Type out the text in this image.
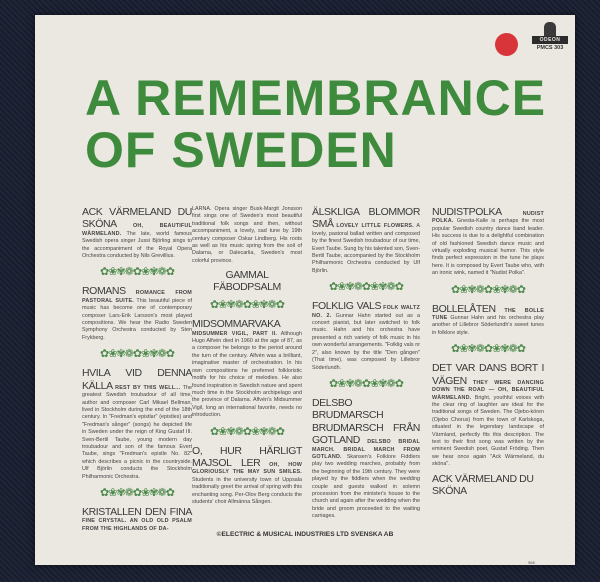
ODEON
PMCS 303
A REMEMBRANCE
OF SWEDEN
ACK VÄRMELAND DU SKÖNA	OH, BEAUTIFUL WÄRMELAND. The late, world famous Swedish opera singer Jussi Björling sings to the accompaniment of the Royal Opera Orchestra conducted by Nils Grevillius.
✿❀✾❁✿❀✾❁✿
ROMANS ROMANCE FROM PASTORAL SUITE. This beautiful piece of music has become one of contemporary composer Lars-Erik Larsson's most played compositions. We hear the Radio Sweden Symphony Orchestra conducted by Sten Frykberg.
✿❀✾❁✿❀✾❁✿
HVILA VID DENNA KÄLLA REST BY THIS WELL... The greatest Swedish troubadour of all time, author and composer Carl Mikael Bellman, lived in Stockholm during the end of the 18th century. In "Fredman's epistlar" (epistles) and "Fredman's sånger" (songs) he depicted life in Sweden under the reign of King Gustaf III. Sven-Bertil Taube, young modern day troubadour and son of the famous Evert Taube, sings "Fredman's epistle No. 82" which describes a picnic in the countryside. Ulf Björlin conducts the Stockholm Philharmonic Orchestra.
✿❀✾❁✿❀✾❁✿
KRISTALLEN DEN FINA FINE CRYSTAL. AN OLD OLD PSALM FROM THE HIGHLANDS OF DA-
LARNA. Opera singer Busk-Margit Jonsson first sings one of Sweden's most beautiful traditional folk songs and then, without accompaniment, a lovely, sad tune by 19th century composer Oskar Lindberg. His roots as well as his music spring from the soil of Dalarna, or Dalecarlia, Sweden's most colorful province.
GAMMAL FÄBODPSALM
✿❀✾❁✿❀✾❁✿
MIDSOMMARVAKA MIDSUMMER VIGIL, PART II. Although Hugo Alfvén died in 1960 at the age of 87, as a composer he belongs to the period around the turn of the century. Alfvén was a brilliant, imaginative master of orchestration. In his own compositions he preferred folkloristic motifs for his choice of melodies. He also found inspiration in Swedish nature and spent much time in the Stockholm archipelago and the province of Dalarna. Alfvén's Midsummer Vigil, long an international favorite, needs no introduction.
✿❀✾❁✿❀✾❁✿
O, HUR HÄRLIGT MAJSOL LER OH, HOW GLORIOUSLY THE MAY SUN SMILES. Students in the university town of Uppsala traditionally greet the arrival of spring with this enchanting song. Per-Olov Berg conducts the students' choir Allmänna Sången.
ÄLSKLIGA BLOMMOR SMÅ LOVELY LITTLE FLOWERS. A lovely, pastoral ballad written and composed by the finest Swedish troubadour of our time, Evert Taube. Sung by his talented son, Sven-Bertil Taube, accompanied by the Stockholm Philharmonic Orchestra conducted by Ulf Björlin.
✿❀✾❁✿❀✾❁✿
FOLKLIG VALS FOLK WALTZ NO. 2. Gunnar Hahn started out as a concert pianist, but later switched to folk music. Hahn and his orchestra have presented a rich variety of folk music in his own wonderful arrangements. "Folklig vals nr 2", also known by the title "Den gången" (That time), was composed by Lillebror Söderlundh.
✿❀✾❁✿❀✾❁✿
DELSBO BRUDMARSCH BRUDMARSCH FRÅN GOTLAND DELSBO BRIDAL MARCH. BRIDAL MARCH FROM GOTLAND. Skansen's Folklore Fiddlers play two wedding marches, probably from the beginning of the 19th century. They were played by the fiddlers when the wedding couple and guests walked in solemn procession from the minister's house to the church and again after the wedding when the bride and groom proceeded to the waiting carriages.
NUDISTPOLKA	NUDIST POLKA. Gnesta-Kalle is perhaps the most popular Swedish country dance band leader. His success is due to a delightful combination of old fashioned Swedish dance music and virtually exploding musical humor. This style finds perfect expression in the tune he plays here. It is composed by Evert Taube who, with an ironic wink, named it "Nudist Polka".
✿❀✾❁✿❀✾❁✿
BOLLELÅTEN THE BOLLE TUNE Gunnar Hahn and his orchestra play another of Lillebror Söderlundh's sweet tunes in folklore style.
✿❀✾❁✿❀✾❁✿
DET VAR DANS BORT I VÄGEN THEY WERE DANCING DOWN THE ROAD — OH, BEAUTIFUL WÄRMELAND. Bright, youthful voices with the clear ring of laughter are ideal for the traditional songs of Sweden. The Ojebo-kören (Ojebo Chorus) from the town of Karlskoga, situated in the legendary landscape of Värmland, perfectly fits this description. The text to their first song was written by the eminent Swedish poet, Gustaf Fröding. Then we hear once again "Ack Wärmeland, du sköna".
ACK VÄRMELAND DU SKÖNA
©ELECTRIC & MUSICAL INDUSTRIES LTD SVENSKA AB
968
